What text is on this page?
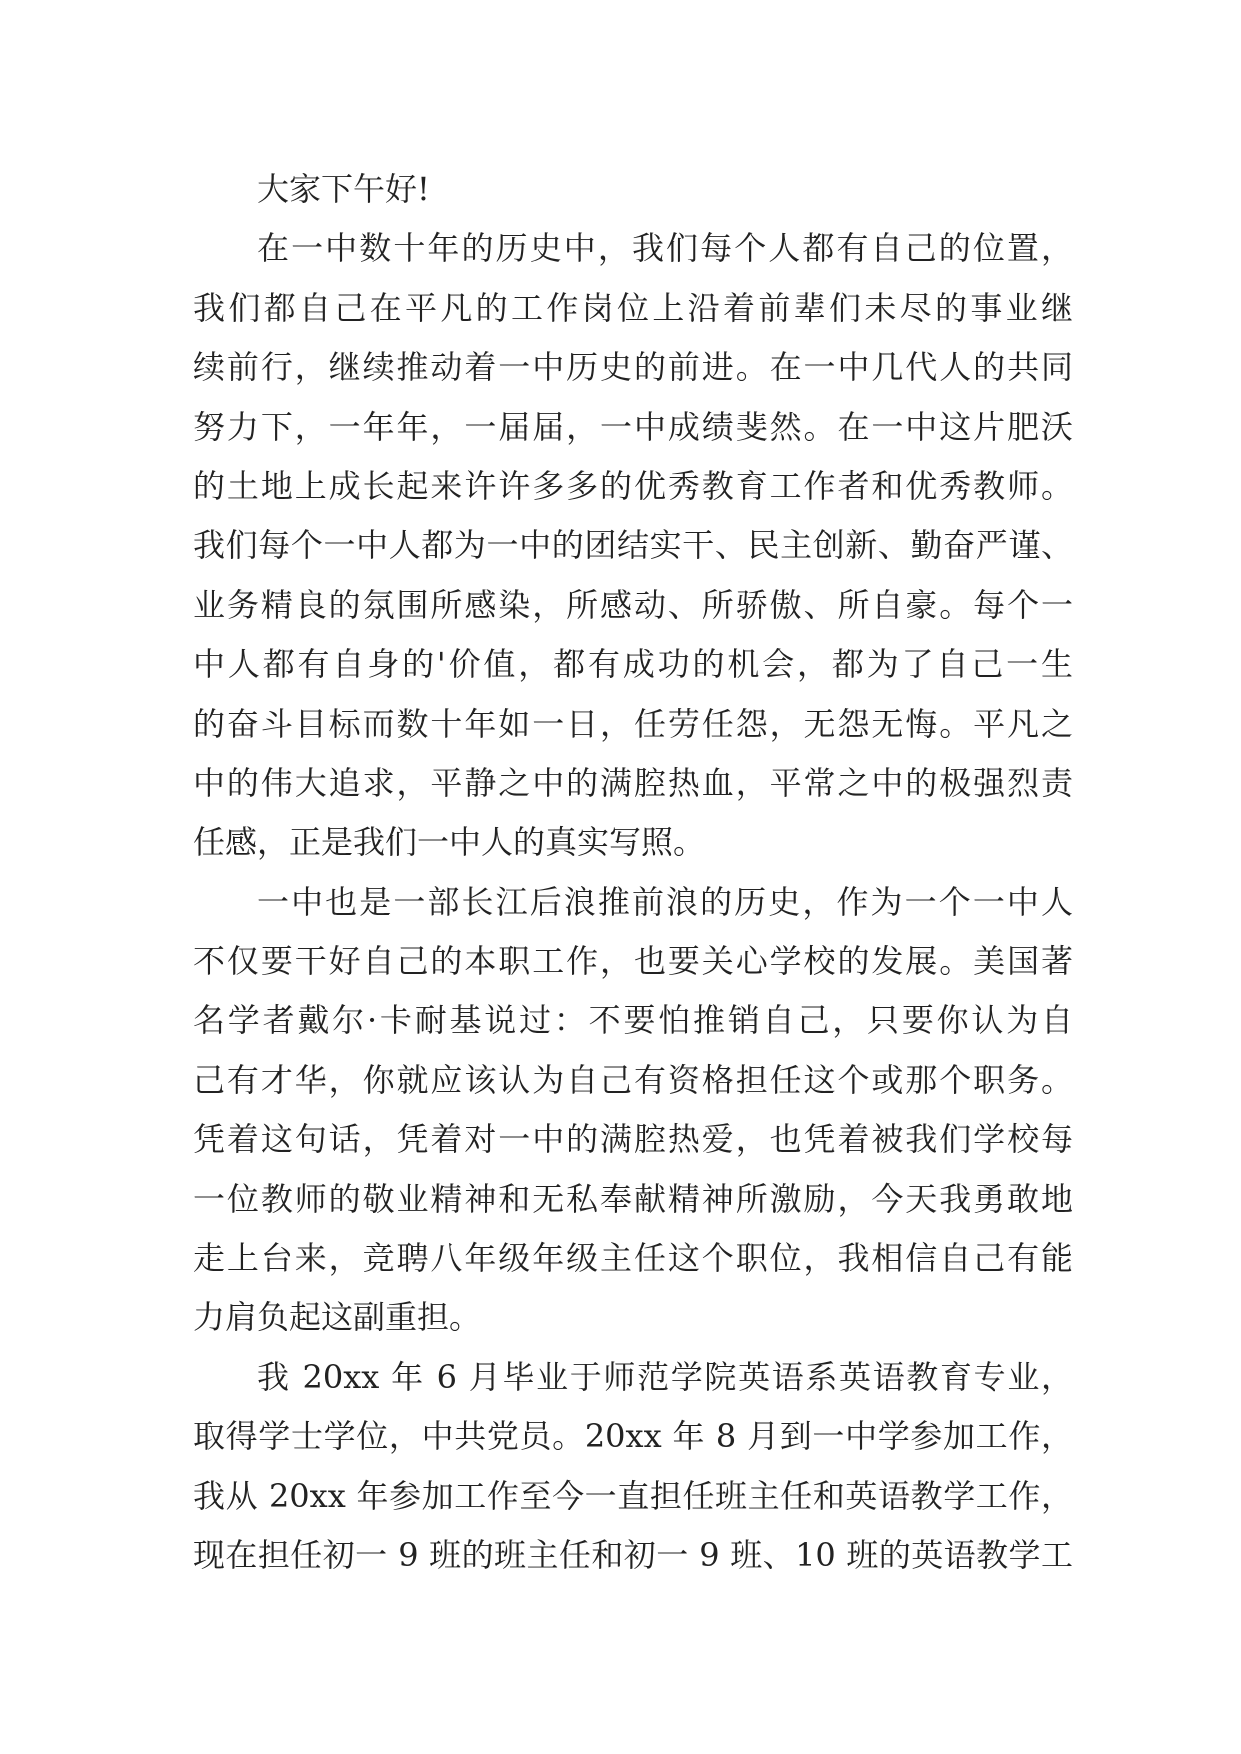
大家下午好!
在一中数十年的历史中，我们每个人都有自己的位置，
我们都自己在平凡的工作岗位上沿着前辈们未尽的事业继
续前行，继续推动着一中历史的前进。在一中几代人的共同
努力下，一年年，一届届，一中成绩斐然。在一中这片肥沃
的土地上成长起来许许多多的优秀教育工作者和优秀教师。
我们每个一中人都为一中的团结实干、民主创新、勤奋严谨、
业务精良的氛围所感染，所感动、所骄傲、所自豪。每个一
中人都有自身的'价值，都有成功的机会，都为了自己一生
的奋斗目标而数十年如一日，任劳任怨，无怨无悔。平凡之
中的伟大追求，平静之中的满腔热血，平常之中的极强烈责
任感，正是我们一中人的真实写照。
一中也是一部长江后浪推前浪的历史，作为一个一中人
不仅要干好自己的本职工作，也要关心学校的发展。美国著
名学者戴尔·卡耐基说过：不要怕推销自己，只要你认为自
己有才华，你就应该认为自己有资格担任这个或那个职务。
凭着这句话，凭着对一中的满腔热爱，也凭着被我们学校每
一位教师的敬业精神和无私奉献精神所激励，今天我勇敢地
走上台来，竞聘八年级年级主任这个职位，我相信自己有能
力肩负起这副重担。
我 20xx 年 6 月毕业于师范学院英语系英语教育专业，
取得学士学位，中共党员。20xx 年 8 月到一中学参加工作，
我从 20xx 年参加工作至今一直担任班主任和英语教学工作，
现在担任初一 9 班的班主任和初一 9 班、10 班的英语教学工
